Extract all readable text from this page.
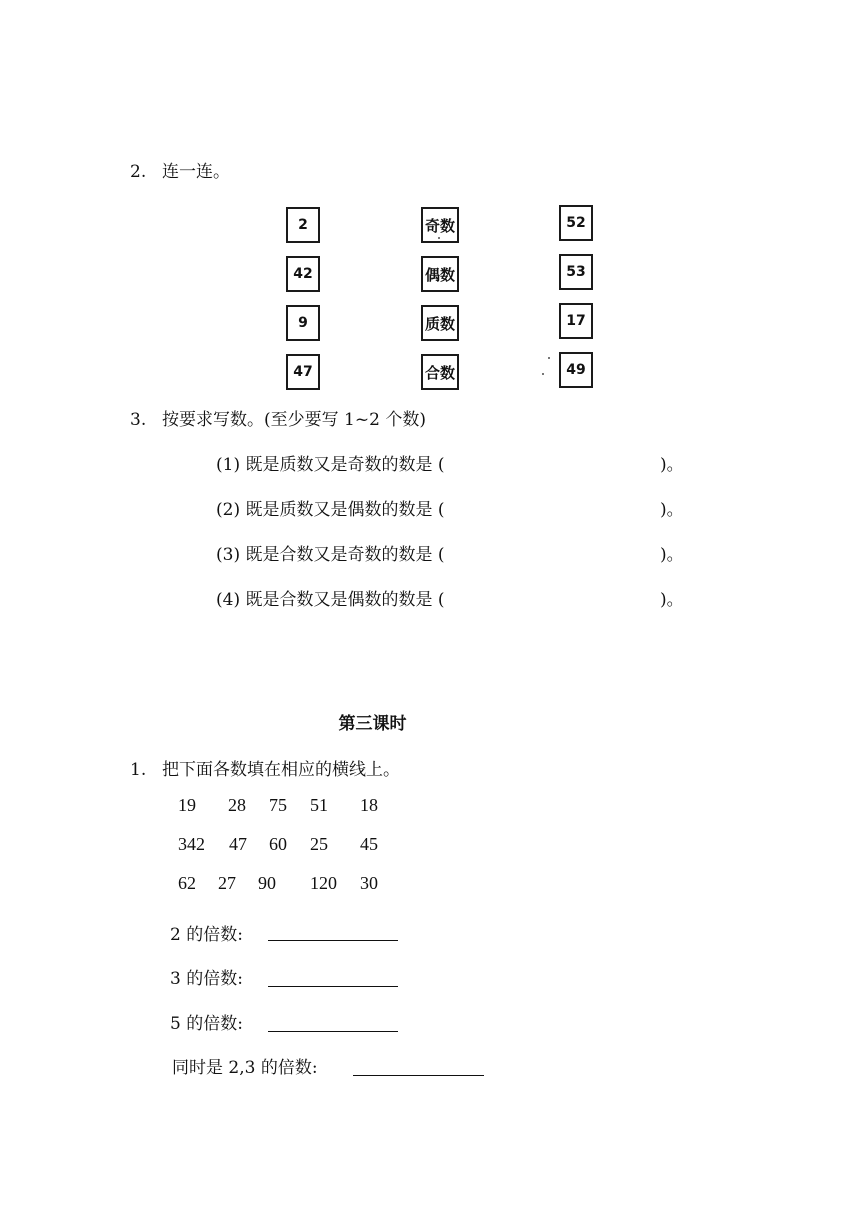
2. 连一连。
2
42
9
47
奇数
偶数
质数
合数
52
53
17
49
3. 按要求写数。(至少要写 1~2 个数)
(1) 既是质数又是奇数的数是 (	)。
(2) 既是质数又是偶数的数是 (	)。
(3) 既是合数又是奇数的数是 (	)。
(4) 既是合数又是偶数的数是 (	)。
第三课时
1. 把下面各数填在相应的横线上。
19 28 75 51 18
342 47 60 25 45
62 27 90 120 30
2 的倍数:
3 的倍数:
5 的倍数:
同时是 2,3 的倍数:
